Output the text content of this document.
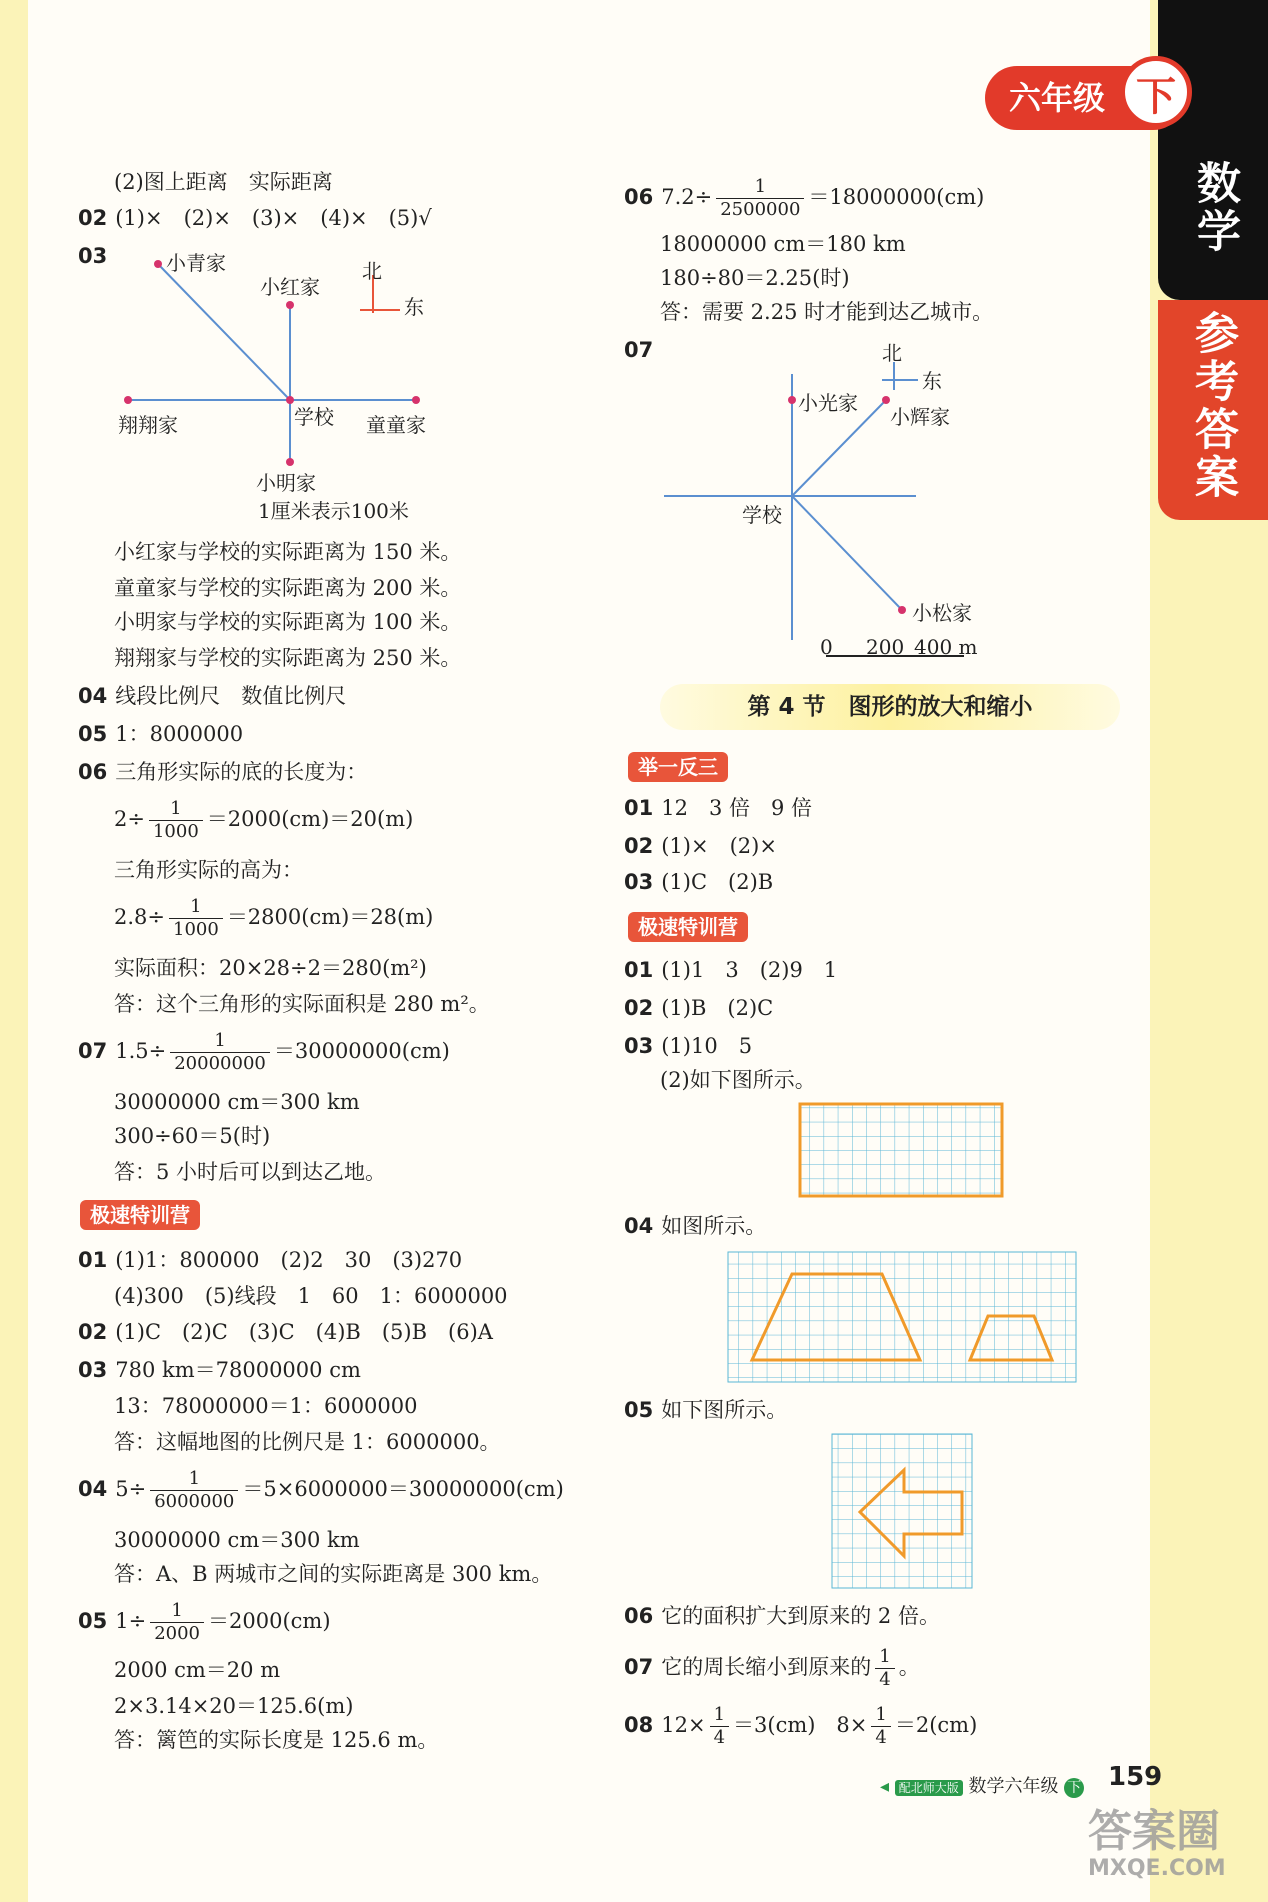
数学
参考答案
六年级 下
(2)图上距离　实际距离
02 (1)×　(2)×　(3)×　(4)×　(5)√
03	小青家
小红家
北
东
翔翔家	学校 童童家
小明家
1厘米表示100米
小红家与学校的实际距离为 150 米。
童童家与学校的实际距离为 200 米。
小明家与学校的实际距离为 100 米。
翔翔家与学校的实际距离为 250 米。
04 线段比例尺　数值比例尺
05 1：8000000
06 三角形实际的底的长度为：
$2\div \frac{1}{1000} =2000(cm)=20(m)$
三角形实际的高为：
$2.8\div \frac{1}{1000} =2800(cm)=28(m)$
实际面积：20×28÷2＝280(m²)
答：这个三角形的实际面积是 280 m²。
07 $1.5\div \frac{1}{20000000} =30000000(cm)$
30000000 cm＝300 km
300÷60＝5(时)
答：5 小时后可以到达乙地。
极速特训营
01 (1)1：800000　(2)2　30　(3)270
(4)300　(5)线段　1　60　1：6000000
02 (1)C　(2)C　(3)C　(4)B　(5)B　(6)A
03 780 km＝78000000 cm
13：78000000＝1：6000000
答：这幅地图的比例尺是 1：6000000。
04 $5\div \frac{1}{6000000} =5\times 6000000=30000000(cm)$
30000000 cm＝300 km
答：A、B 两城市之间的实际距离是 300 km。
05 $1\div \frac{1}{2000} =2000(cm)$
2000 cm＝20 m
2×3.14×20＝125.6(m)
答：篱笆的实际长度是 125.6 m。
06 $7.2\div \frac{1}{2500000} =18000000(cm)$
18000000 cm＝180 km
180÷80＝2.25(时)
答：需要 2.25 时才能到达乙城市。
07	北
东
小光家
小辉家
学校
小松家
0 200 400 m
第 4 节　图形的放大和缩小
举一反三
01 12　3 倍　9 倍
02 (1)×　(2)×
03 (1)C　(2)B
极速特训营
01 (1)1　3　(2)9　1
02 (1)B　(2)C
03 (1)10　5
(2)如下图所示。
04 如图所示。
05 如下图所示。
06 它的面积扩大到原来的 2 倍。
07 它的周长缩小到原来的 $\frac{1}{4}$ 。
08 $12\times \frac{1}{4} =3(cm)$　$8\times \frac{1}{4} =2(cm)$
◂ 配北师大版 数学六年级 下 159
答案圈
MXQE.COM
